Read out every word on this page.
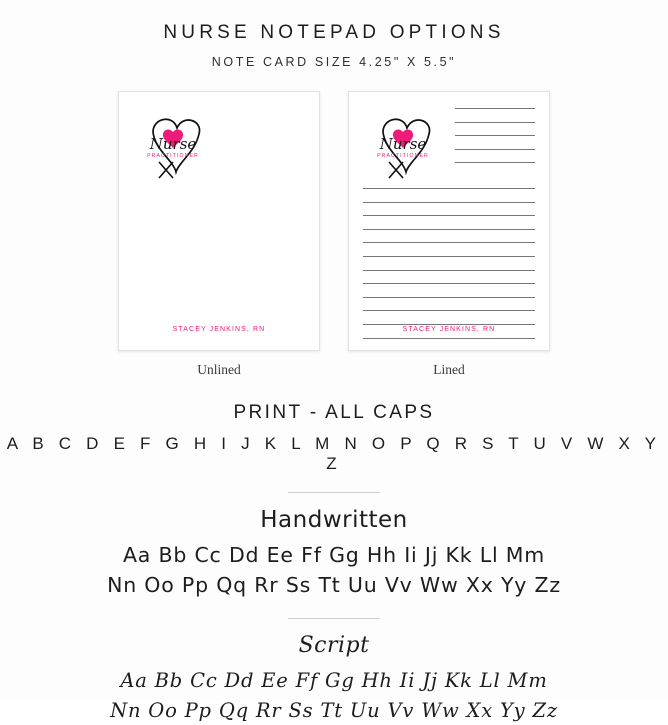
NURSE NOTEPAD OPTIONS
NOTE CARD SIZE 4.25" X 5.5"
Nurse
PRACTITIONER
STACEY JENKINS, RN
Unlined
Nurse
PRACTITIONER
STACEY JENKINS, RN
Lined
PRINT - ALL CAPS
A B C D E F G H I J K L M N O P Q R S T U V W X Y Z
Handwritten
Aa Bb Cc Dd Ee Ff Gg Hh Ii Jj Kk Ll Mm
Nn Oo Pp Qq Rr Ss Tt Uu Vv Ww Xx Yy Zz
Script
Aa Bb Cc Dd Ee Ff Gg Hh Ii Jj Kk Ll Mm
Nn Oo Pp Qq Rr Ss Tt Uu Vv Ww Xx Yy Zz
